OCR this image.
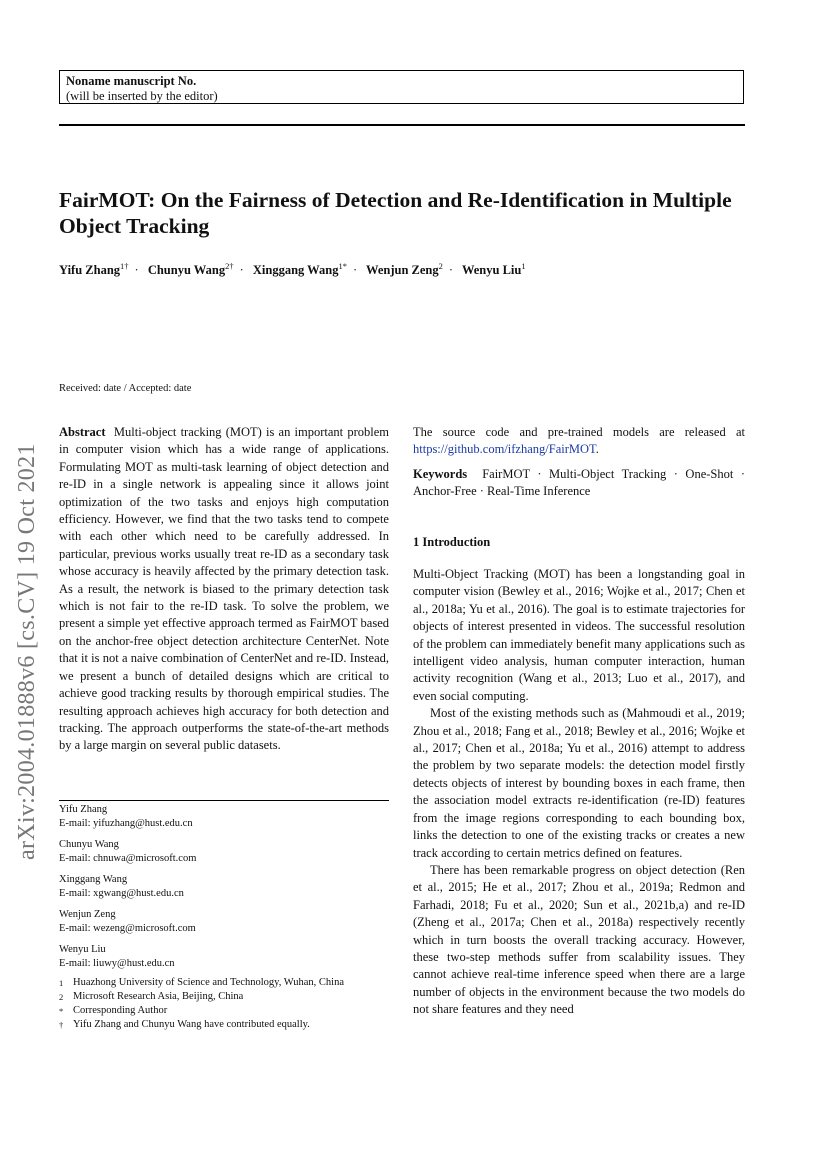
Noname manuscript No.
(will be inserted by the editor)
FairMOT: On the Fairness of Detection and Re-Identification in Multiple Object Tracking
Yifu Zhang$^{1\dagger}$ · Chunyu Wang$^{2\dagger}$ · Xinggang Wang$^{1*}$ · Wenjun Zeng$^2$ · Wenyu Liu$^1$
arXiv:2004.01888v6 [cs.CV] 19 Oct 2021
Received: date / Accepted: date
Abstract Multi-object tracking (MOT) is an important problem in computer vision which has a wide range of applications. Formulating MOT as multi-task learning of object detection and re-ID in a single network is appealing since it allows joint optimization of the two tasks and enjoys high computation efficiency. However, we find that the two tasks tend to compete with each other which need to be carefully addressed. In particular, previous works usually treat re-ID as a secondary task whose accuracy is heavily affected by the primary detection task. As a result, the network is biased to the primary detection task which is not fair to the re-ID task. To solve the problem, we present a simple yet effective approach termed as FairMOT based on the anchor-free object detection architecture CenterNet. Note that it is not a naive combination of CenterNet and re-ID. Instead, we present a bunch of detailed designs which are critical to achieve good tracking results by thorough empirical studies. The resulting approach achieves high accuracy for both detection and tracking. The approach outperforms the state-of-the-art methods by a large margin on several public datasets.
Yifu Zhang
E-mail: yifuzhang@hust.edu.cn
Chunyu Wang
E-mail: chnuwa@microsoft.com
Xinggang Wang
E-mail: xgwang@hust.edu.cn
Wenjun Zeng
E-mail: wezeng@microsoft.com
Wenyu Liu
E-mail: liuwy@hust.edu.cn
1 Huazhong University of Science and Technology, Wuhan, China
2 Microsoft Research Asia, Beijing, China
* Corresponding Author
† Yifu Zhang and Chunyu Wang have contributed equally.
The source code and pre-trained models are released at https://github.com/ifzhang/FairMOT.
Keywords FairMOT · Multi-Object Tracking · One-Shot · Anchor-Free · Real-Time Inference
1 Introduction

Multi-Object Tracking (MOT) has been a longstanding goal in computer vision (Bewley et al., 2016; Wojke et al., 2017; Chen et al., 2018a; Yu et al., 2016). The goal is to estimate trajectories for objects of interest presented in videos. The successful resolution of the problem can immediately benefit many applications such as intelligent video analysis, human computer interaction, human activity recognition (Wang et al., 2013; Luo et al., 2017), and even social computing.

Most of the existing methods such as (Mahmoudi et al., 2019; Zhou et al., 2018; Fang et al., 2018; Bewley et al., 2016; Wojke et al., 2017; Chen et al., 2018a; Yu et al., 2016) attempt to address the problem by two separate models: the detection model firstly detects objects of interest by bounding boxes in each frame, then the association model extracts re-identification (re-ID) features from the image regions corresponding to each bounding box, links the detection to one of the existing tracks or creates a new track according to certain metrics defined on features.

There has been remarkable progress on object detection (Ren et al., 2015; He et al., 2017; Zhou et al., 2019a; Redmon and Farhadi, 2018; Fu et al., 2020; Sun et al., 2021b,a) and re-ID (Zheng et al., 2017a; Chen et al., 2018a) respectively recently which in turn boosts the overall tracking accuracy. However, these two-step methods suffer from scalability issues. They cannot achieve real-time inference speed when there are a large number of objects in the environment because the two models do not share features and they need
